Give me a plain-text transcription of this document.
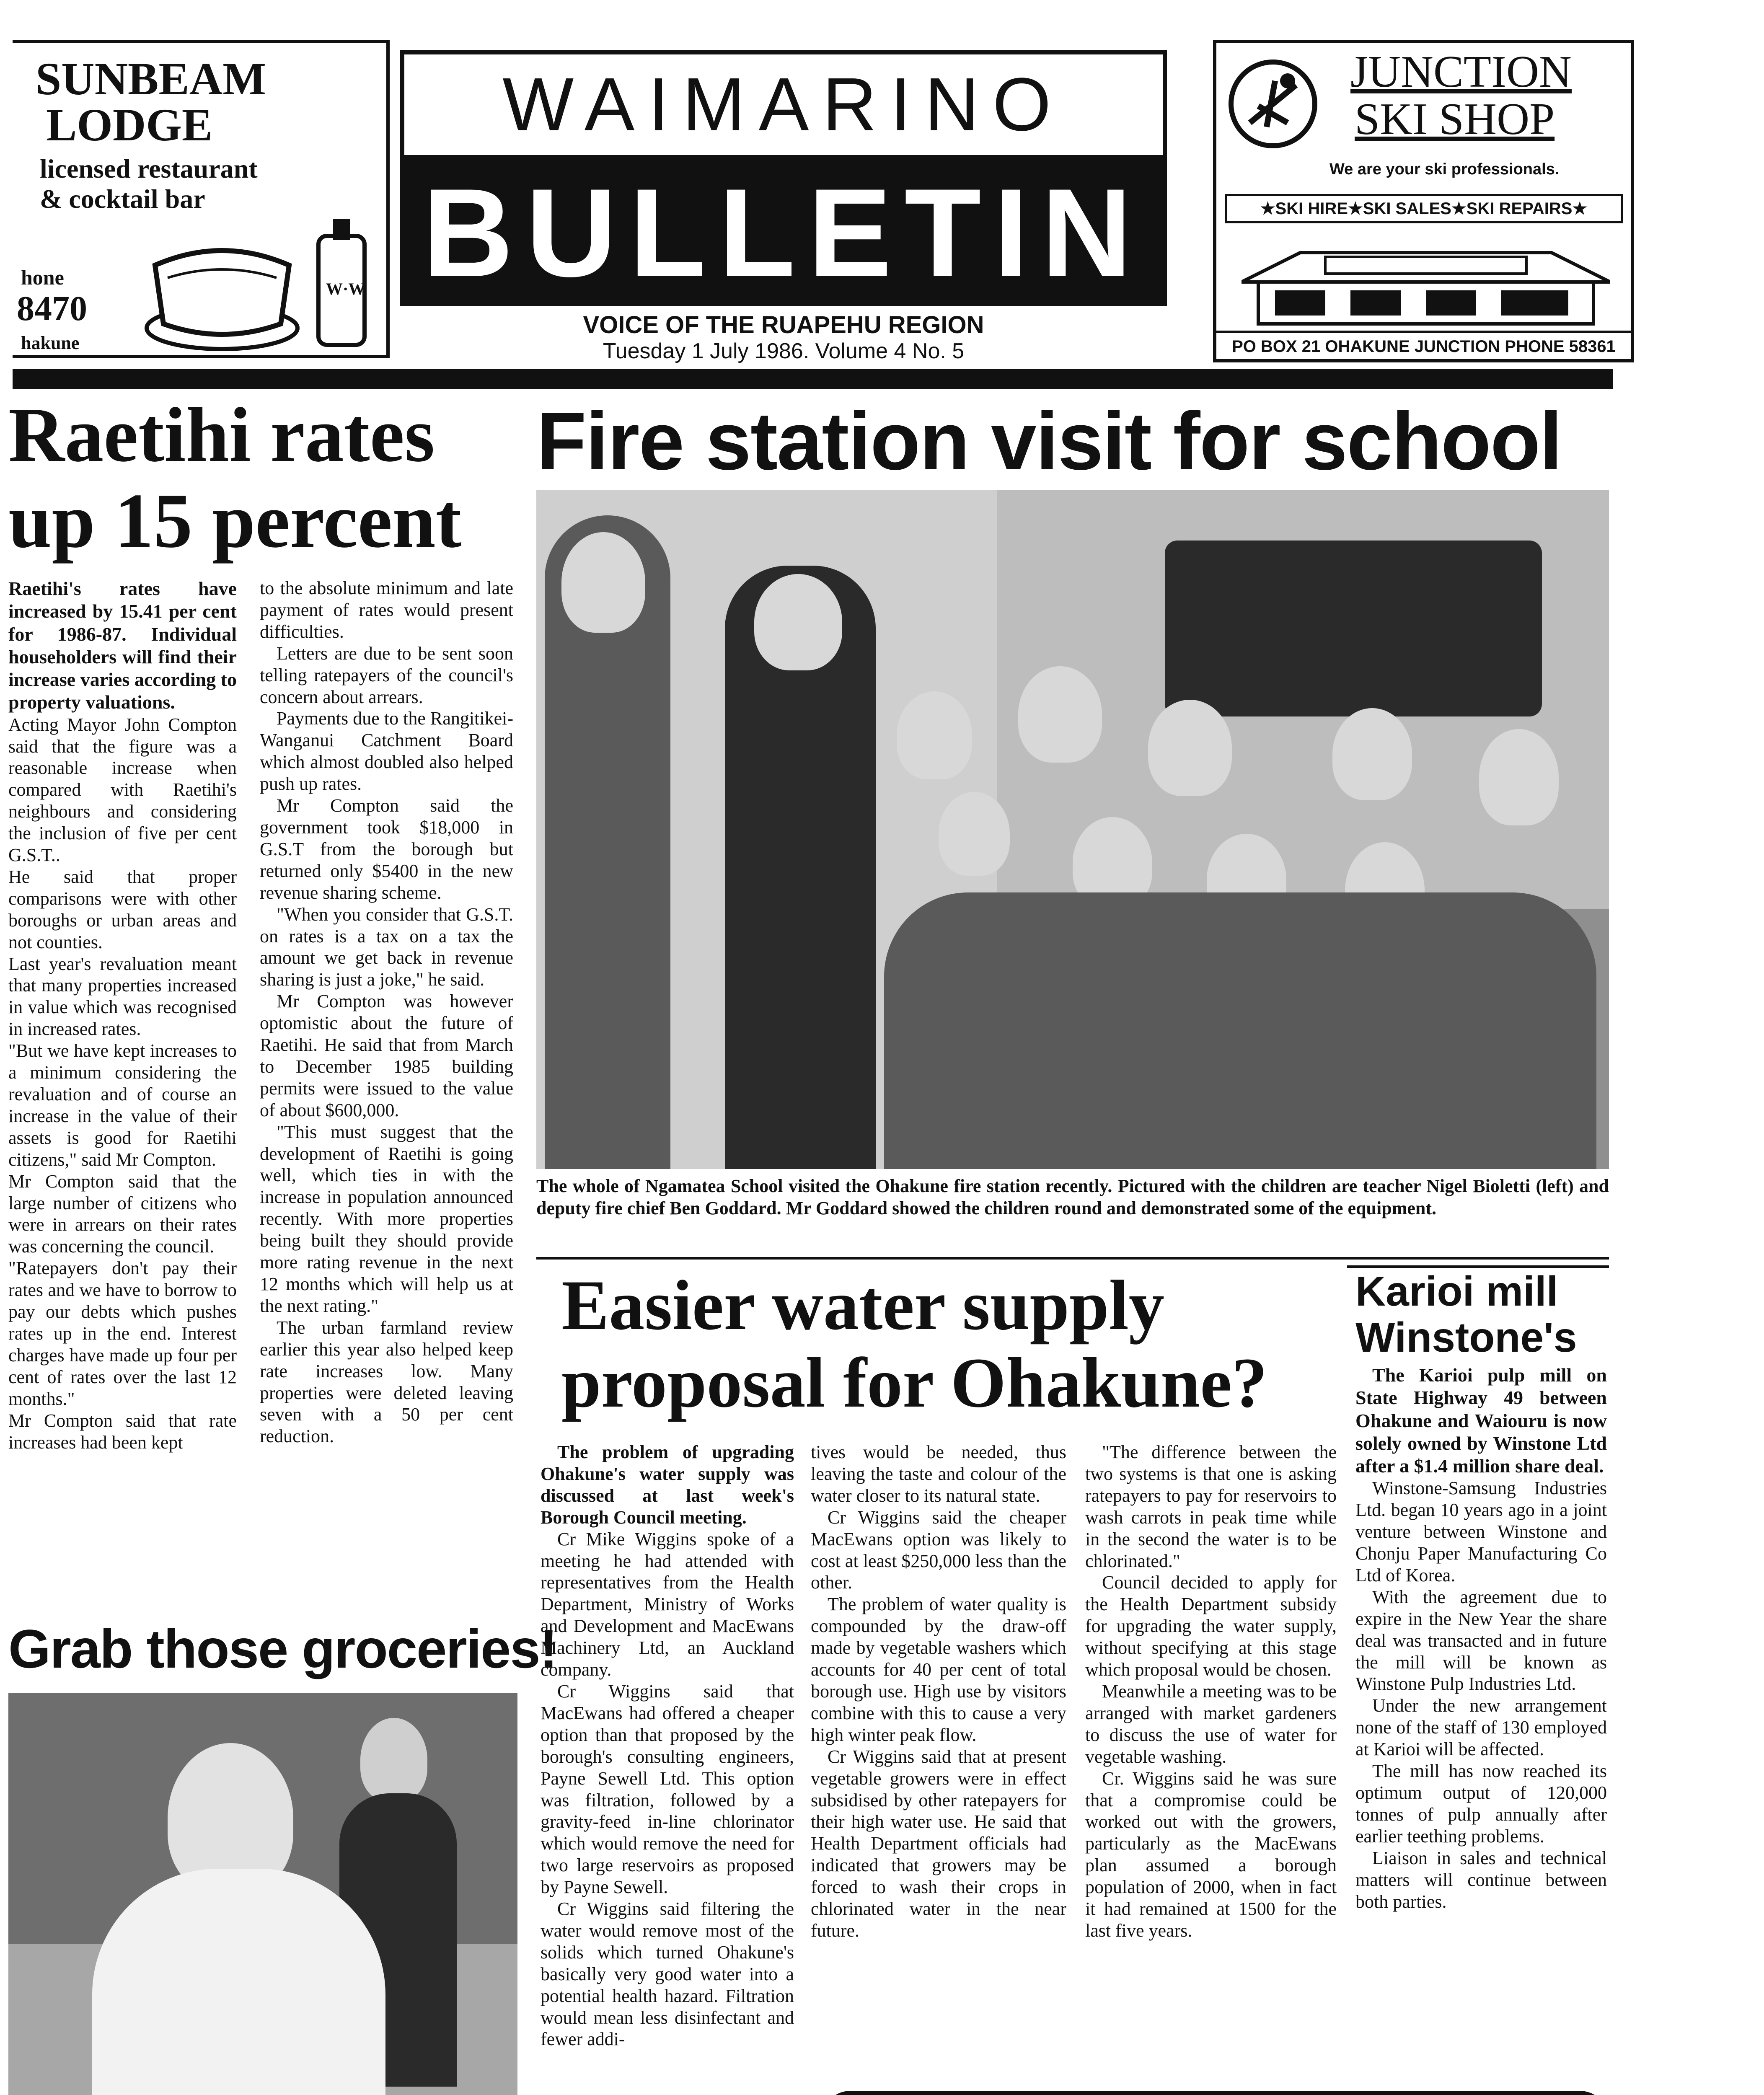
SUNBEAM
LODGE
licensed restaurant
& cocktail bar
hone
8470
hakune
W·W
WAIMARINO
BULLETIN
VOICE OF THE RUAPEHU REGION
Tuesday 1 July 1986. Volume 4 No. 5
JUNCTION
SKI SHOP
We are your ski professionals.
★SKI HIRE★SKI SALES★SKI REPAIRS★
PO BOX 21 OHAKUNE JUNCTION PHONE 58361
Raetihi rates
up 15 percent

Raetihi's rates have increased by 15.41 per cent for 1986-87. Individual householders will find their increase varies according to property valuations.

Acting Mayor John Compton said that the figure was a reasonable increase when compared with Raetihi's neighbours and considering the inclusion of five per cent G.S.T..

He said that proper comparisons were with other boroughs or urban areas and not counties.

Last year's revaluation meant that many properties increased in value which was recognised in increased rates.

"But we have kept increases to a minimum considering the revaluation and of course an increase in the value of their assets is good for Raetihi citizens," said Mr Compton.

Mr Compton said that the large number of citizens who were in arrears on their rates was concerning the council.

"Ratepayers don't pay their rates and we have to borrow to pay our debts which pushes rates up in the end. Interest charges have made up four per cent of rates over the last 12 months."

Mr Compton said that rate increases had been kept

to the absolute minimum and late payment of rates would present difficulties.

Letters are due to be sent soon telling ratepayers of the council's concern about arrears.

Payments due to the Rangitikei-Wanganui Catchment Board which almost doubled also helped push up rates.

Mr Compton said the government took $18,000 in G.S.T from the borough but returned only $5400 in the new revenue sharing scheme.

"When you consider that G.S.T. on rates is a tax on a tax the amount we get back in revenue sharing is just a joke," he said.

Mr Compton was however optomistic about the future of Raetihi. He said that from March to December 1985 building permits were issued to the value of about $600,000.

"This must suggest that the development of Raetihi is going well, which ties in with the increase in population announced recently. With more properties being built they should provide more rating revenue in the next 12 months which will help us at the next rating."

The urban farmland review earlier this year also helped keep rate increases low. Many properties were deleted leaving seven with a 50 per cent reduction.

Fire station visit for school
The whole of Ngamatea School visited the Ohakune fire station recently. Pictured with the children are teacher Nigel Bioletti (left) and deputy fire chief Ben Goddard. Mr Goddard showed the children round and demonstrated some of the equipment.
Easier water supply
proposal for Ohakune?

The problem of upgrading Ohakune's water supply was discussed at last week's Borough Council meeting.

Cr Mike Wiggins spoke of a meeting he had attended with representatives from the Health Department, Ministry of Works and Development and MacEwans Machinery Ltd, an Auckland company.

Cr Wiggins said that MacEwans had offered a cheaper option than that proposed by the borough's consulting engineers, Payne Sewell Ltd. This option was filtration, followed by a gravity-feed in-line chlorinator which would remove the need for two large reservoirs as proposed by Payne Sewell.

Cr Wiggins said filtering the water would remove most of the solids which turned Ohakune's basically very good water into a potential health hazard. Filtration would mean less disinfectant and fewer addi-

tives would be needed, thus leaving the taste and colour of the water closer to its natural state.

Cr Wiggins said the cheaper MacEwans option was likely to cost at least $250,000 less than the other.

The problem of water quality is compounded by the draw-off made by vegetable washers which accounts for 40 per cent of total borough use. High use by visitors combine with this to cause a very high winter peak flow.

Cr Wiggins said that at present vegetable growers were in effect subsidised by other ratepayers for their high water use. He said that Health Department officials had indicated that growers may be forced to wash their crops in chlorinated water in the near future.

"The difference between the two systems is that one is asking ratepayers to pay for reservoirs to wash carrots in peak time while in the second the water is to be chlorinated."

Council decided to apply for the Health Department subsidy for upgrading the water supply, without specifying at this stage which proposal would be chosen.

Meanwhile a meeting was to be arranged with market gardeners to discuss the use of water for vegetable washing.

Cr. Wiggins said he was sure that a compromise could be worked out with the growers, particularly as the MacEwans plan assumed a borough population of 2000, when in fact it had remained at 1500 for the last five years.

Karioi mill
Winstone's

The Karioi pulp mill on State Highway 49 between Ohakune and Waiouru is now solely owned by Winstone Ltd after a $1.4 million share deal.

Winstone-Samsung Industries Ltd. began 10 years ago in a joint venture between Winstone and Chonju Paper Manufacturing Co Ltd of Korea.

With the agreement due to expire in the New Year the share deal was transacted and in future the mill will be known as Winstone Pulp Industries Ltd.

Under the new arrangement none of the staff of 130 employed at Karioi will be affected.

The mill has now reached its optimum output of 120,000 tonnes of pulp annually after earlier teething problems.

Liaison in sales and technical matters will continue between both parties.

Grab those groceries!
